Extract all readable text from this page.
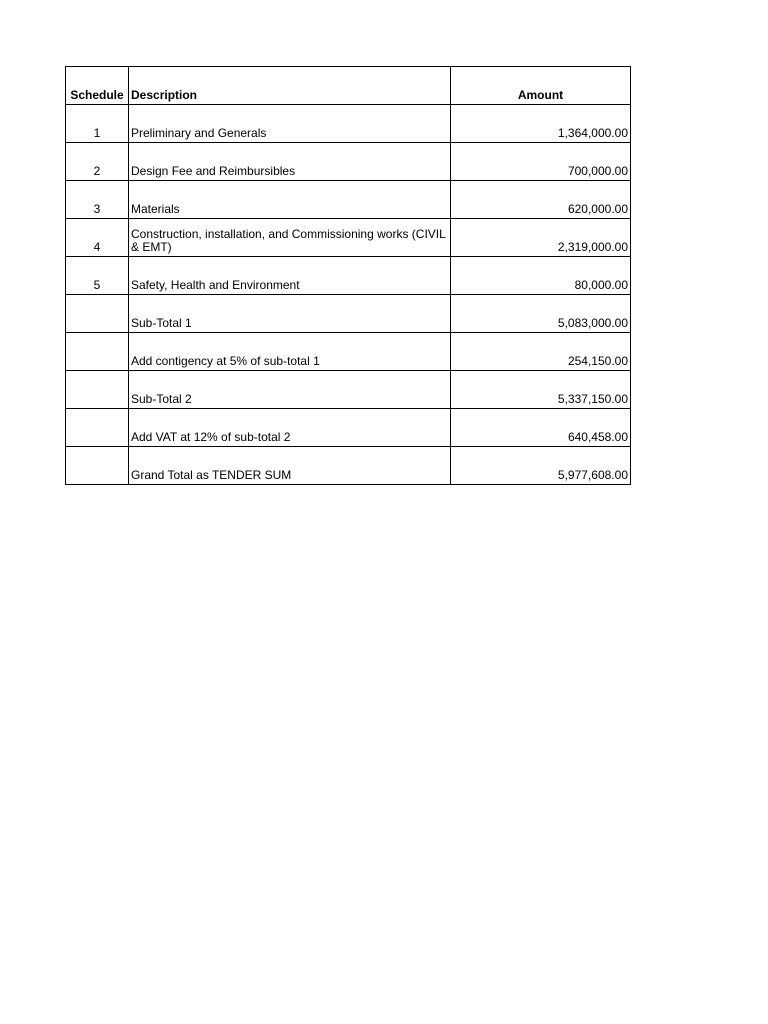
Schedule	Description	Amount
1	Preliminary and Generals	1,364,000.00
2	Design Fee and Reimbursibles	700,000.00
3	Materials	620,000.00
4	Construction, installation, and Commissioning works (CIVIL & EMT)	2,319,000.00
5	Safety, Health and Environment	80,000.00
	Sub-Total 1	5,083,000.00
	Add contigency at 5% of sub-total 1	254,150.00
	Sub-Total 2	5,337,150.00
	Add VAT at 12% of sub-total 2	640,458.00
	Grand Total as TENDER SUM	5,977,608.00
